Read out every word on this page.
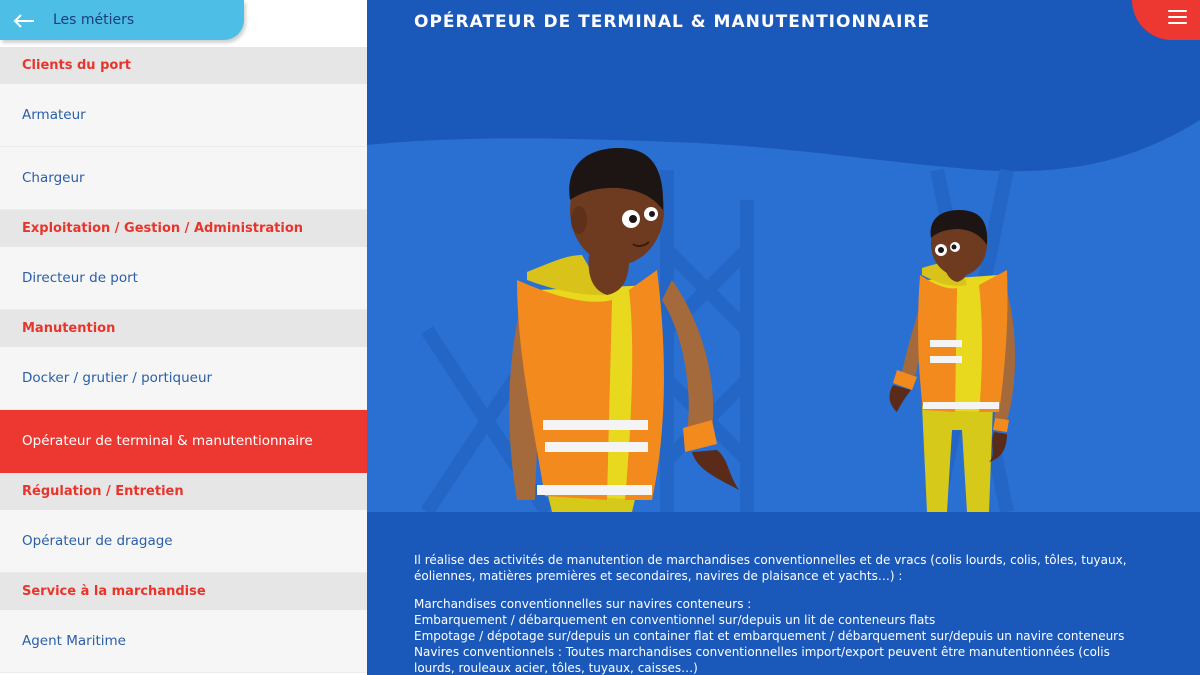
Les métiers
Clients du port
Armateur
Chargeur
Exploitation / Gestion / Administration
Directeur de port
Manutention
Docker / grutier / portiqueur
Opérateur de terminal & manutentionnaire
Régulation / Entretien
Opérateur de dragage
Service à la marchandise
Agent Maritime
OPÉRATEUR DE TERMINAL & MANUTENTIONNAIRE

Il réalise des activités de manutention de marchandises conventionnelles et de vracs (colis lourds, colis, tôles, tuyaux, éoliennes, matières premières et secondaires, navires de plaisance et yachts…) :

Marchandises conventionnelles sur navires conteneurs :
Embarquement / débarquement en conventionnel sur/depuis un lit de conteneurs flats
Empotage / dépotage sur/depuis un container flat et embarquement / débarquement sur/depuis un navire conteneurs
Navires conventionnels : Toutes marchandises conventionnelles import/export peuvent être manutentionnées (colis lourds, rouleaux acier, tôles, tuyaux, caisses…)
